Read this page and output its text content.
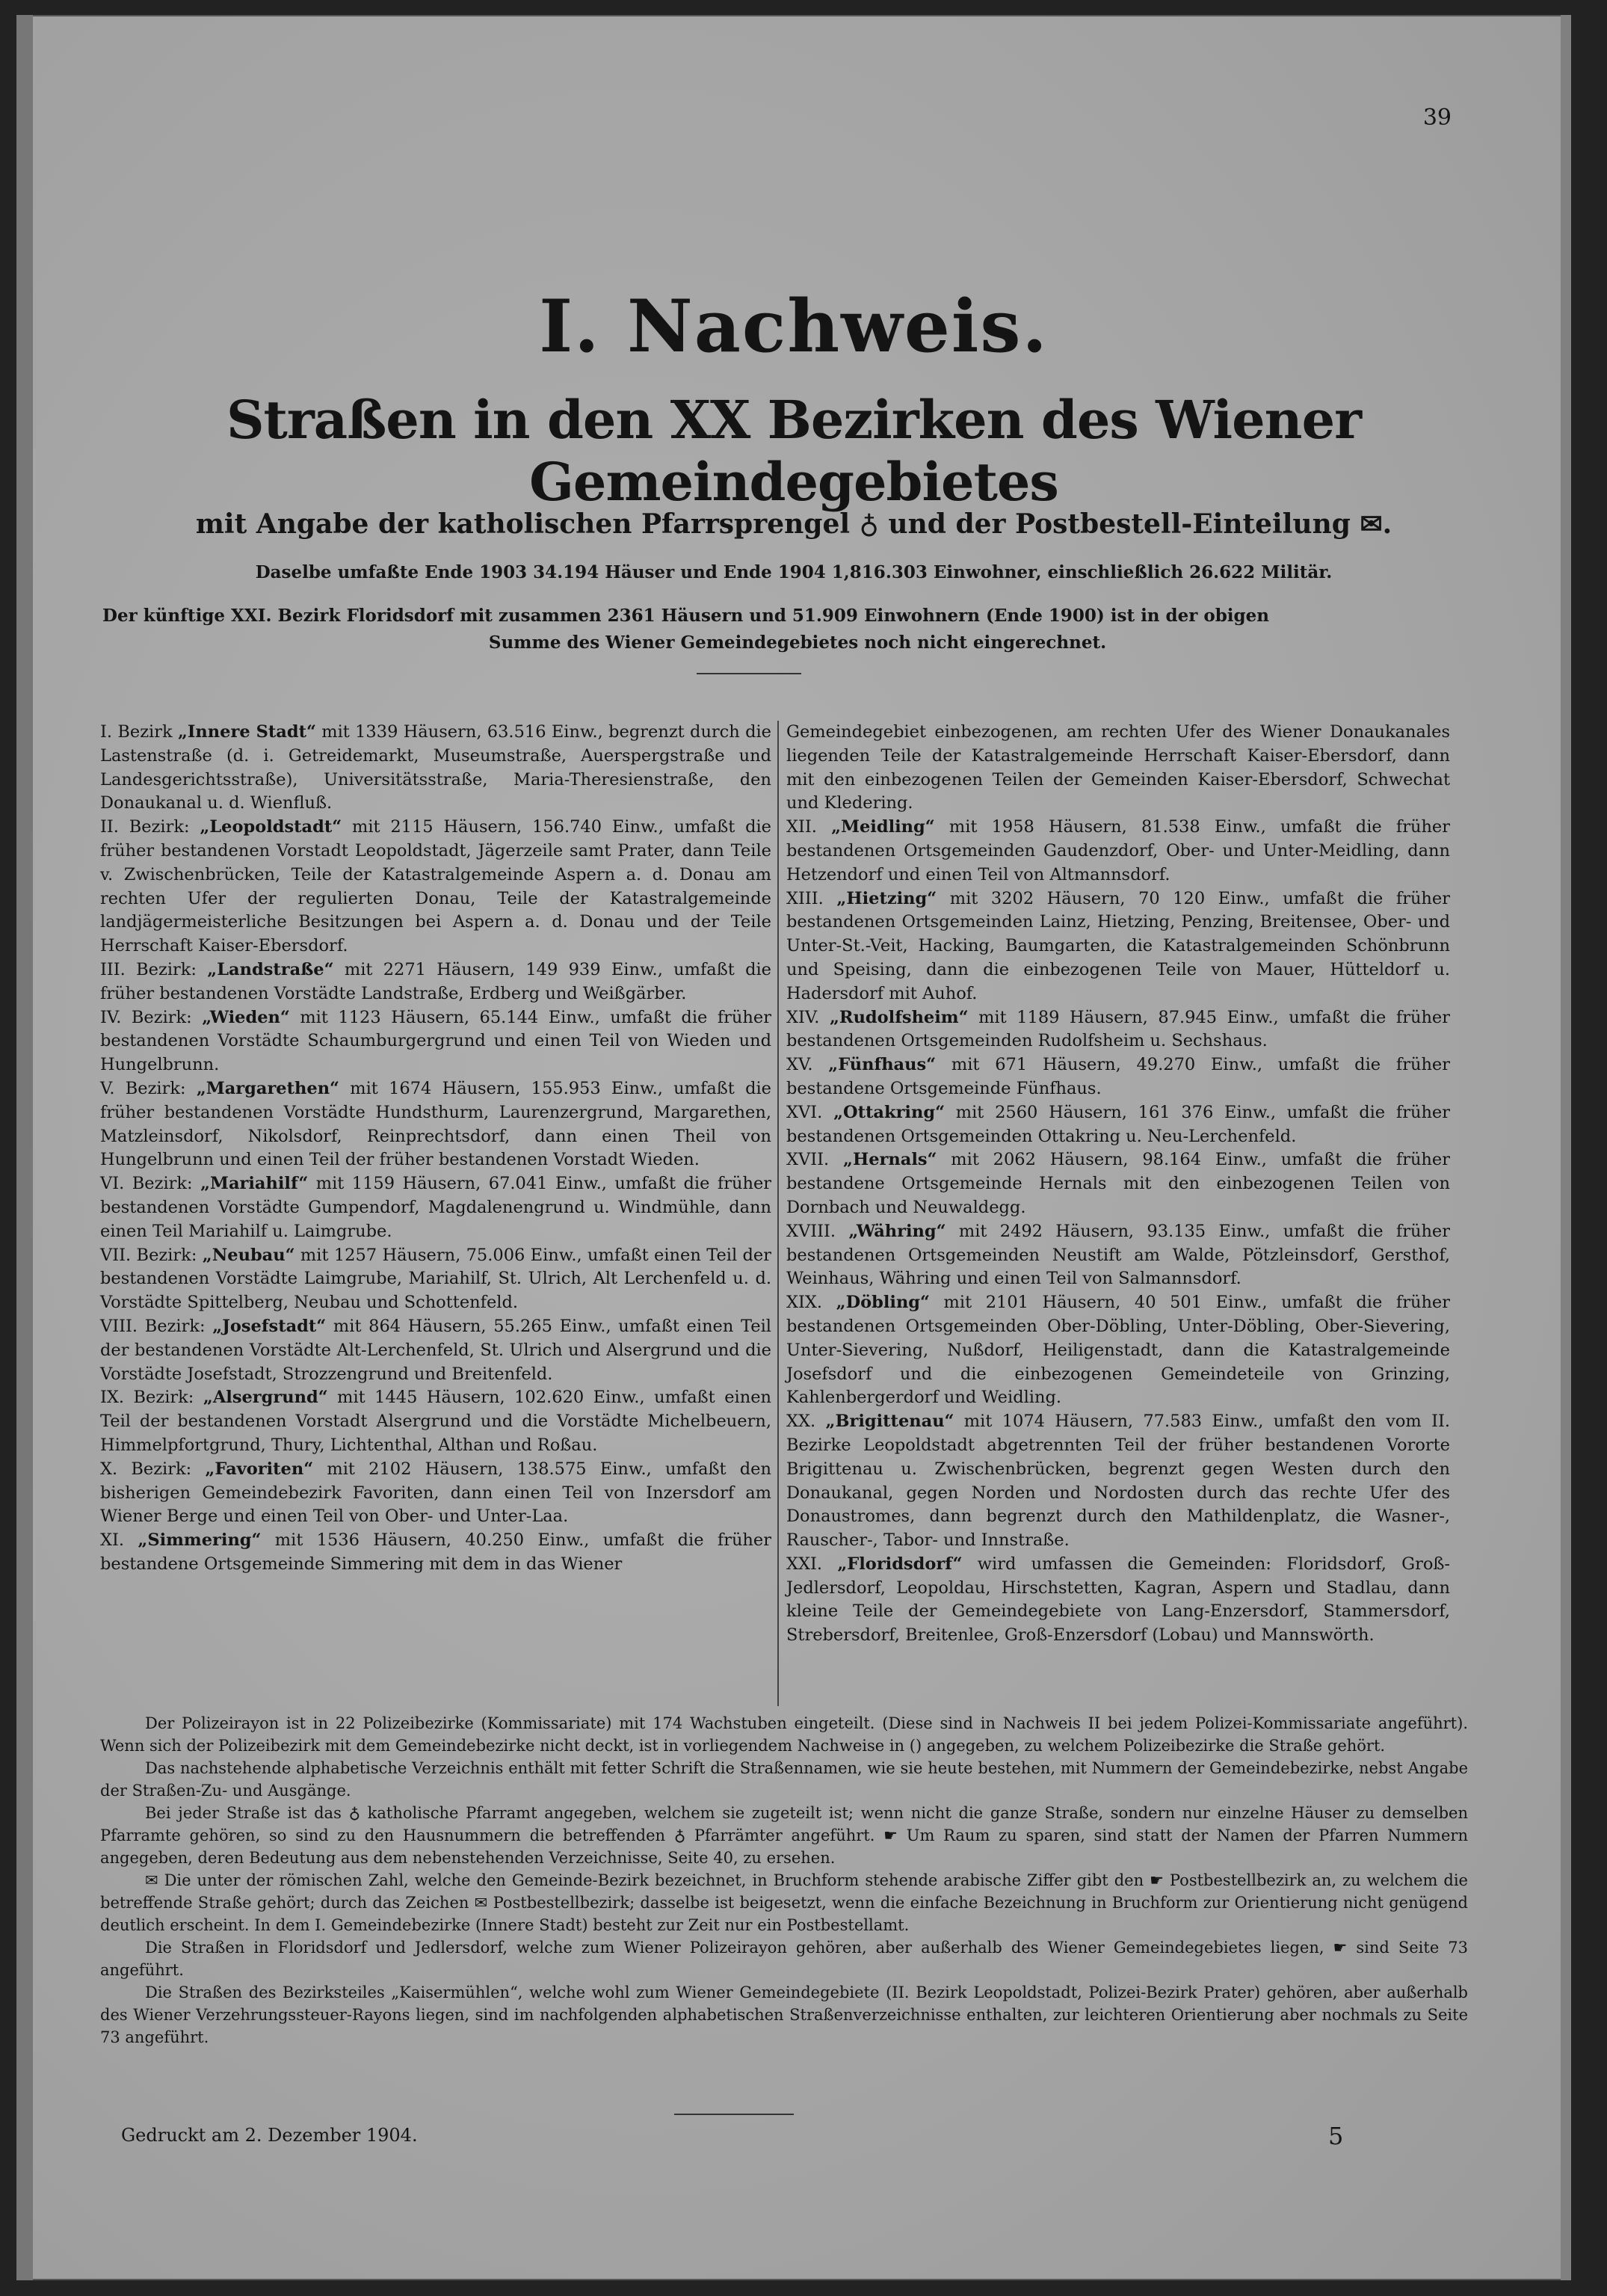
39
I. Nachweis.
Straßen in den XX Bezirken des Wiener Gemeindegebietes
mit Angabe der katholischen Pfarrsprengel ♁ und der Postbestell-Einteilung ✉.
Daselbe umfaßte Ende 1903 34.194 Häuser und Ende 1904 1,816.303 Einwohner, einschließlich 26.622 Militär.
Der künftige XXI. Bezirk Floridsdorf mit zusammen 2361 Häusern und 51.909 Einwohnern (Ende 1900) ist in der obigen
Summe des Wiener Gemeindegebietes noch nicht eingerechnet.
I. Bezirk „Innere Stadt“ mit 1339 Häusern, 63.516 Einw., begrenzt durch die Lastenstraße (d. i. Getreidemarkt, Museumstraße, Auerspergstraße und Landesgerichtsstraße), Universitätsstraße, Maria-Theresienstraße, den Donaukanal u. d. Wienfluß.
II. Bezirk: „Leopoldstadt“ mit 2115 Häusern, 156.740 Einw., umfaßt die früher bestandenen Vorstadt Leopoldstadt, Jägerzeile samt Prater, dann Teile v. Zwischenbrücken, Teile der Katastralgemeinde Aspern a. d. Donau am rechten Ufer der regulierten Donau, Teile der Katastralgemeinde landjägermeisterliche Besitzungen bei Aspern a. d. Donau und der Teile Herrschaft Kaiser-Ebersdorf.
III. Bezirk: „Landstraße“ mit 2271 Häusern, 149 939 Einw., umfaßt die früher bestandenen Vorstädte Landstraße, Erdberg und Weißgärber.
IV. Bezirk: „Wieden“ mit 1123 Häusern, 65.144 Einw., umfaßt die früher bestandenen Vorstädte Schaumburgergrund und einen Teil von Wieden und Hungelbrunn.
V. Bezirk: „Margarethen“ mit 1674 Häusern, 155.953 Einw., umfaßt die früher bestandenen Vorstädte Hundsthurm, Laurenzergrund, Margarethen, Matzleinsdorf, Nikolsdorf, Reinprechtsdorf, dann einen Theil von Hungelbrunn und einen Teil der früher bestandenen Vorstadt Wieden.
VI. Bezirk: „Mariahilf“ mit 1159 Häusern, 67.041 Einw., umfaßt die früher bestandenen Vorstädte Gumpendorf, Magdalenengrund u. Windmühle, dann einen Teil Mariahilf u. Laimgrube.
VII. Bezirk: „Neubau“ mit 1257 Häusern, 75.006 Einw., umfaßt einen Teil der bestandenen Vorstädte Laimgrube, Mariahilf, St. Ulrich, Alt Lerchenfeld u. d. Vorstädte Spittelberg, Neubau und Schottenfeld.
VIII. Bezirk: „Josefstadt“ mit 864 Häusern, 55.265 Einw., umfaßt einen Teil der bestandenen Vorstädte Alt-Lerchenfeld, St. Ulrich und Alsergrund und die Vorstädte Josefstadt, Strozzengrund und Breitenfeld.
IX. Bezirk: „Alsergrund“ mit 1445 Häusern, 102.620 Einw., umfaßt einen Teil der bestandenen Vorstadt Alsergrund und die Vorstädte Michelbeuern, Himmelpfortgrund, Thury, Lichtenthal, Althan und Roßau.
X. Bezirk: „Favoriten“ mit 2102 Häusern, 138.575 Einw., umfaßt den bisherigen Gemeindebezirk Favoriten, dann einen Teil von Inzersdorf am Wiener Berge und einen Teil von Ober- und Unter-Laa.
XI. „Simmering“ mit 1536 Häusern, 40.250 Einw., umfaßt die früher bestandene Ortsgemeinde Simmering mit dem in das Wiener
Gemeindegebiet einbezogenen, am rechten Ufer des Wiener Donaukanales liegenden Teile der Katastralgemeinde Herrschaft Kaiser-Ebersdorf, dann mit den einbezogenen Teilen der Gemeinden Kaiser-Ebersdorf, Schwechat und Kledering.
XII. „Meidling“ mit 1958 Häusern, 81.538 Einw., umfaßt die früher bestandenen Ortsgemeinden Gaudenzdorf, Ober- und Unter-Meidling, dann Hetzendorf und einen Teil von Altmannsdorf.
XIII. „Hietzing“ mit 3202 Häusern, 70 120 Einw., umfaßt die früher bestandenen Ortsgemeinden Lainz, Hietzing, Penzing, Breitensee, Ober- und Unter-St.-Veit, Hacking, Baumgarten, die Katastralgemeinden Schönbrunn und Speising, dann die einbezogenen Teile von Mauer, Hütteldorf u. Hadersdorf mit Auhof.
XIV. „Rudolfsheim“ mit 1189 Häusern, 87.945 Einw., umfaßt die früher bestandenen Ortsgemeinden Rudolfsheim u. Sechshaus.
XV. „Fünfhaus“ mit 671 Häusern, 49.270 Einw., umfaßt die früher bestandene Ortsgemeinde Fünfhaus.
XVI. „Ottakring“ mit 2560 Häusern, 161 376 Einw., umfaßt die früher bestandenen Ortsgemeinden Ottakring u. Neu-Lerchenfeld.
XVII. „Hernals“ mit 2062 Häusern, 98.164 Einw., umfaßt die früher bestandene Ortsgemeinde Hernals mit den einbezogenen Teilen von Dornbach und Neuwaldegg.
XVIII. „Währing“ mit 2492 Häusern, 93.135 Einw., umfaßt die früher bestandenen Ortsgemeinden Neustift am Walde, Pötzleinsdorf, Gersthof, Weinhaus, Währing und einen Teil von Salmannsdorf.
XIX. „Döbling“ mit 2101 Häusern, 40 501 Einw., umfaßt die früher bestandenen Ortsgemeinden Ober-Döbling, Unter-Döbling, Ober-Sievering, Unter-Sievering, Nußdorf, Heiligenstadt, dann die Katastralgemeinde Josefsdorf und die einbezogenen Gemeindeteile von Grinzing, Kahlenbergerdorf und Weidling.
XX. „Brigittenau“ mit 1074 Häusern, 77.583 Einw., umfaßt den vom II. Bezirke Leopoldstadt abgetrennten Teil der früher bestandenen Vororte Brigittenau u. Zwischenbrücken, begrenzt gegen Westen durch den Donaukanal, gegen Norden und Nordosten durch das rechte Ufer des Donaustromes, dann begrenzt durch den Mathildenplatz, die Wasner-, Rauscher-, Tabor- und Innstraße.
XXI. „Floridsdorf“ wird umfassen die Gemeinden: Floridsdorf, Groß-Jedlersdorf, Leopoldau, Hirschstetten, Kagran, Aspern und Stadlau, dann kleine Teile der Gemeindegebiete von Lang-Enzersdorf, Stammersdorf, Strebersdorf, Breitenlee, Groß-Enzersdorf (Lobau) und Mannswörth.

Der Polizeirayon ist in 22 Polizeibezirke (Kommissariate) mit 174 Wachstuben eingeteilt. (Diese sind in Nachweis II bei jedem Polizei-Kommissariate angeführt). Wenn sich der Polizeibezirk mit dem Gemeindebezirke nicht deckt, ist in vorliegendem Nachweise in () angegeben, zu welchem Polizeibezirke die Straße gehört.

Das nachstehende alphabetische Verzeichnis enthält mit fetter Schrift die Straßennamen, wie sie heute bestehen, mit Nummern der Gemeindebezirke, nebst Angabe der Straßen-Zu- und Ausgänge.

Bei jeder Straße ist das ♁ katholische Pfarramt angegeben, welchem sie zugeteilt ist; wenn nicht die ganze Straße, sondern nur einzelne Häuser zu demselben Pfarramte gehören, so sind zu den Hausnummern die betreffenden ♁ Pfarrämter angeführt. ☛ Um Raum zu sparen, sind statt der Namen der Pfarren Nummern angegeben, deren Bedeutung aus dem nebenstehenden Verzeichnisse, Seite 40, zu ersehen.

✉ Die unter der römischen Zahl, welche den Gemeinde-Bezirk bezeichnet, in Bruchform stehende arabische Ziffer gibt den ☛ Postbestellbezirk an, zu welchem die betreffende Straße gehört; durch das Zeichen ✉ Postbestellbezirk; dasselbe ist beigesetzt, wenn die einfache Bezeichnung in Bruchform zur Orientierung nicht genügend deutlich erscheint. In dem I. Gemeindebezirke (Innere Stadt) besteht zur Zeit nur ein Postbestellamt.

Die Straßen in Floridsdorf und Jedlersdorf, welche zum Wiener Polizeirayon gehören, aber außerhalb des Wiener Gemeindegebietes liegen, ☛ sind Seite 73 angeführt.

Die Straßen des Bezirksteiles „Kaisermühlen“, welche wohl zum Wiener Gemeindegebiete (II. Bezirk Leopoldstadt, Polizei-Bezirk Prater) gehören, aber außerhalb des Wiener Verzehrungssteuer-Rayons liegen, sind im nachfolgenden alphabetischen Straßenverzeichnisse enthalten, zur leichteren Orientierung aber nochmals zu Seite 73 angeführt.

Gedruckt am 2. Dezember 1904.	5
